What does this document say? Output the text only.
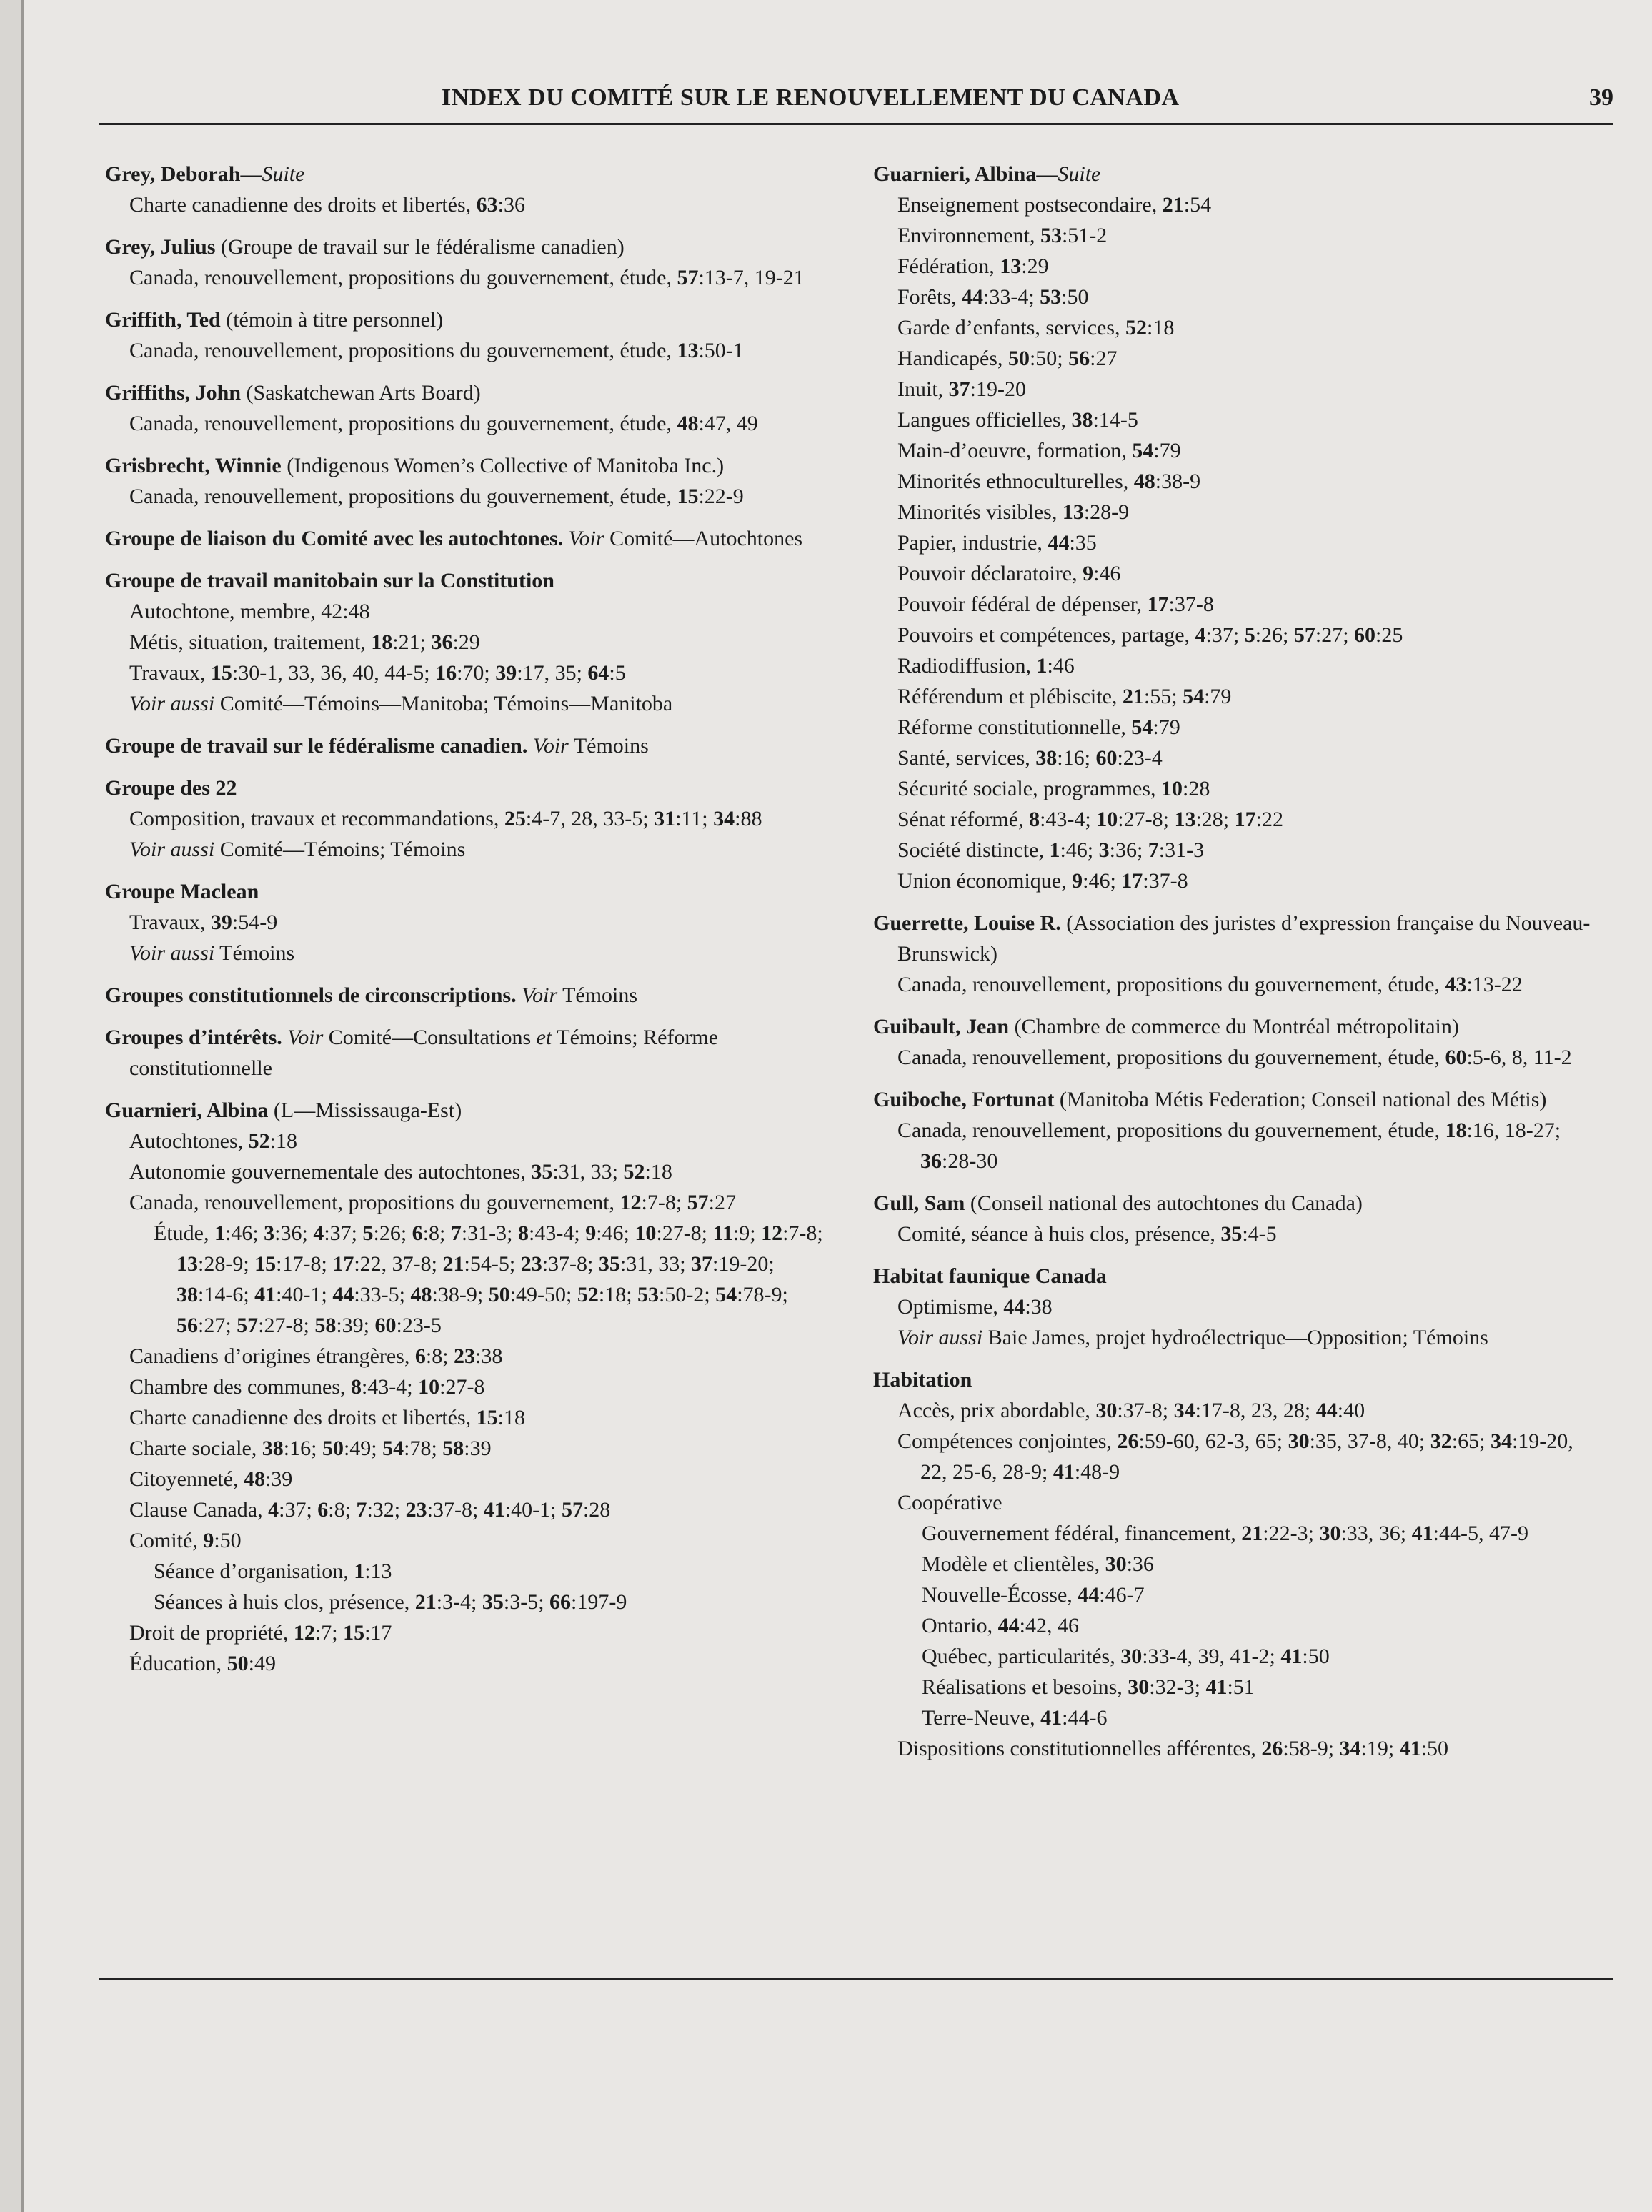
INDEX DU COMITÉ SUR LE RENOUVELLEMENT DU CANADA	39
Grey, Deborah—Suite
Charte canadienne des droits et libertés, 63:36
Grey, Julius (Groupe de travail sur le fédéralisme canadien)
Canada, renouvellement, propositions du gouvernement, étude, 57:13-7, 19-21
Griffith, Ted (témoin à titre personnel)
Canada, renouvellement, propositions du gouvernement, étude, 13:50-1
Griffiths, John (Saskatchewan Arts Board)
Canada, renouvellement, propositions du gouvernement, étude, 48:47, 49
Grisbrecht, Winnie (Indigenous Women’s Collective of Manitoba Inc.)
Canada, renouvellement, propositions du gouvernement, étude, 15:22-9
Groupe de liaison du Comité avec les autochtones. Voir Comité—Autochtones
Groupe de travail manitobain sur la Constitution
Autochtone, membre, 42:48
Métis, situation, traitement, 18:21; 36:29
Travaux, 15:30-1, 33, 36, 40, 44-5; 16:70; 39:17, 35; 64:5
Voir aussi Comité—Témoins—Manitoba; Témoins—Manitoba
Groupe de travail sur le fédéralisme canadien. Voir Témoins
Groupe des 22
Composition, travaux et recommandations, 25:4-7, 28, 33-5; 31:11; 34:88
Voir aussi Comité—Témoins; Témoins
Groupe Maclean
Travaux, 39:54-9
Voir aussi Témoins
Groupes constitutionnels de circonscriptions. Voir Témoins
Groupes d’intérêts. Voir Comité—Consultations et Témoins; Réforme constitutionnelle
Guarnieri, Albina (L—Mississauga-Est)
Autochtones, 52:18
Autonomie gouvernementale des autochtones, 35:31, 33; 52:18
Canada, renouvellement, propositions du gouvernement, 12:7-8; 57:27
Étude, 1:46; 3:36; 4:37; 5:26; 6:8; 7:31-3; 8:43-4; 9:46; 10:27-8; 11:9; 12:7-8; 13:28-9; 15:17-8; 17:22, 37-8; 21:54-5; 23:37-8; 35:31, 33; 37:19-20; 38:14-6; 41:40-1; 44:33-5; 48:38-9; 50:49-50; 52:18; 53:50-2; 54:78-9; 56:27; 57:27-8; 58:39; 60:23-5
Canadiens d’origines étrangères, 6:8; 23:38
Chambre des communes, 8:43-4; 10:27-8
Charte canadienne des droits et libertés, 15:18
Charte sociale, 38:16; 50:49; 54:78; 58:39
Citoyenneté, 48:39
Clause Canada, 4:37; 6:8; 7:32; 23:37-8; 41:40-1; 57:28
Comité, 9:50
Séance d’organisation, 1:13
Séances à huis clos, présence, 21:3-4; 35:3-5; 66:197-9
Droit de propriété, 12:7; 15:17
Éducation, 50:49
Guarnieri, Albina—Suite
Enseignement postsecondaire, 21:54
Environnement, 53:51-2
Fédération, 13:29
Forêts, 44:33-4; 53:50
Garde d’enfants, services, 52:18
Handicapés, 50:50; 56:27
Inuit, 37:19-20
Langues officielles, 38:14-5
Main-d’oeuvre, formation, 54:79
Minorités ethnoculturelles, 48:38-9
Minorités visibles, 13:28-9
Papier, industrie, 44:35
Pouvoir déclaratoire, 9:46
Pouvoir fédéral de dépenser, 17:37-8
Pouvoirs et compétences, partage, 4:37; 5:26; 57:27; 60:25
Radiodiffusion, 1:46
Référendum et plébiscite, 21:55; 54:79
Réforme constitutionnelle, 54:79
Santé, services, 38:16; 60:23-4
Sécurité sociale, programmes, 10:28
Sénat réformé, 8:43-4; 10:27-8; 13:28; 17:22
Société distincte, 1:46; 3:36; 7:31-3
Union économique, 9:46; 17:37-8
Guerrette, Louise R. (Association des juristes d’expression française du Nouveau-Brunswick)
Canada, renouvellement, propositions du gouvernement, étude, 43:13-22
Guibault, Jean (Chambre de commerce du Montréal métropolitain)
Canada, renouvellement, propositions du gouvernement, étude, 60:5-6, 8, 11-2
Guiboche, Fortunat (Manitoba Métis Federation; Conseil national des Métis)
Canada, renouvellement, propositions du gouvernement, étude, 18:16, 18-27; 36:28-30
Gull, Sam (Conseil national des autochtones du Canada)
Comité, séance à huis clos, présence, 35:4-5
Habitat faunique Canada
Optimisme, 44:38
Voir aussi Baie James, projet hydroélectrique—Opposition; Témoins
Habitation
Accès, prix abordable, 30:37-8; 34:17-8, 23, 28; 44:40
Compétences conjointes, 26:59-60, 62-3, 65; 30:35, 37-8, 40; 32:65; 34:19-20, 22, 25-6, 28-9; 41:48-9
Coopérative
Gouvernement fédéral, financement, 21:22-3; 30:33, 36; 41:44-5, 47-9
Modèle et clientèles, 30:36
Nouvelle-Écosse, 44:46-7
Ontario, 44:42, 46
Québec, particularités, 30:33-4, 39, 41-2; 41:50
Réalisations et besoins, 30:32-3; 41:51
Terre-Neuve, 41:44-6
Dispositions constitutionnelles afférentes, 26:58-9; 34:19; 41:50
